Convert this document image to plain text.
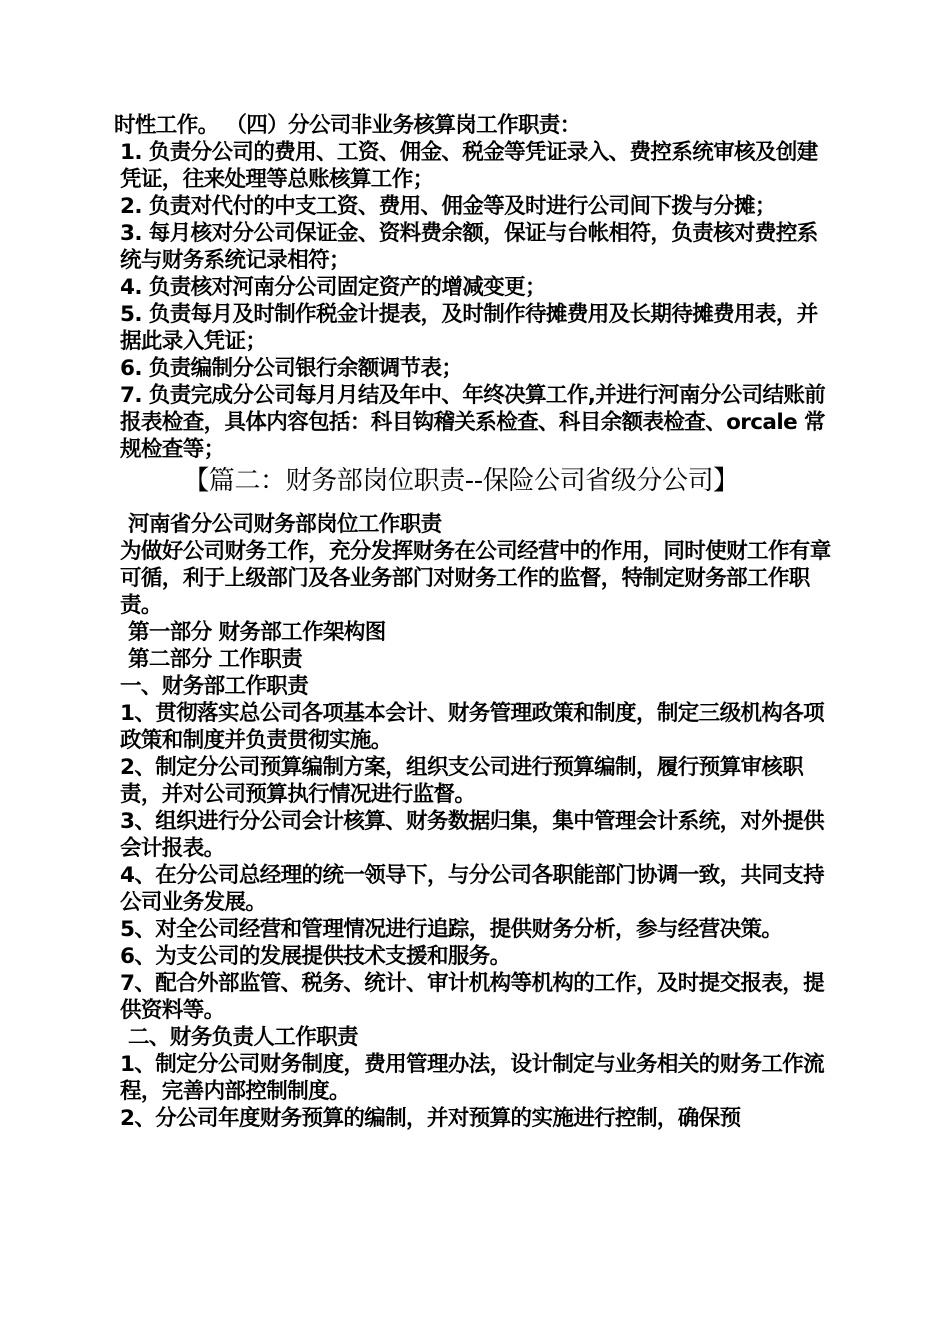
时性工作。 （四）分公司非业务核算岗工作职责：

1. 负责分公司的费用、工资、佣金、税金等凭证录入、费控系统审核及创建凭证，往来处理等总账核算工作；

2. 负责对代付的中支工资、费用、佣金等及时进行公司间下拨与分摊；

3. 每月核对分公司保证金、资料费余额，保证与台帐相符，负责核对费控系统与财务系统记录相符；

4. 负责核对河南分公司固定资产的增减变更；

5. 负责每月及时制作税金计提表，及时制作待摊费用及长期待摊费用表，并据此录入凭证；

6. 负责编制分公司银行余额调节表；

7. 负责完成分公司每月月结及年中、年终决算工作,并进行河南分公司结账前报表检查，具体内容包括：科目钩稽关系检查、科目余额表检查、orcale 常规检查等；

【篇二：财务部岗位职责--保险公司省级分公司】

河南省分公司财务部岗位工作职责

为做好公司财务工作，充分发挥财务在公司经营中的作用，同时使财工作有章可循，利于上级部门及各业务部门对财务工作的监督，特制定财务部工作职责。

第一部分 财务部工作架构图

第二部分 工作职责

一、财务部工作职责

1、贯彻落实总公司各项基本会计、财务管理政策和制度，制定三级机构各项政策和制度并负责贯彻实施。

2、制定分公司预算编制方案，组织支公司进行预算编制，履行预算审核职责，并对公司预算执行情况进行监督。

3、组织进行分公司会计核算、财务数据归集，集中管理会计系统，对外提供会计报表。

4、在分公司总经理的统一领导下，与分公司各职能部门协调一致，共同支持公司业务发展。

5、对全公司经营和管理情况进行追踪，提供财务分析，参与经营决策。

6、为支公司的发展提供技术支援和服务。

7、配合外部监管、税务、统计、审计机构等机构的工作，及时提交报表，提供资料等。

二、财务负责人工作职责

1、制定分公司财务制度，费用管理办法，设计制定与业务相关的财务工作流程，完善内部控制制度。

2、分公司年度财务预算的编制，并对预算的实施进行控制，确保预
